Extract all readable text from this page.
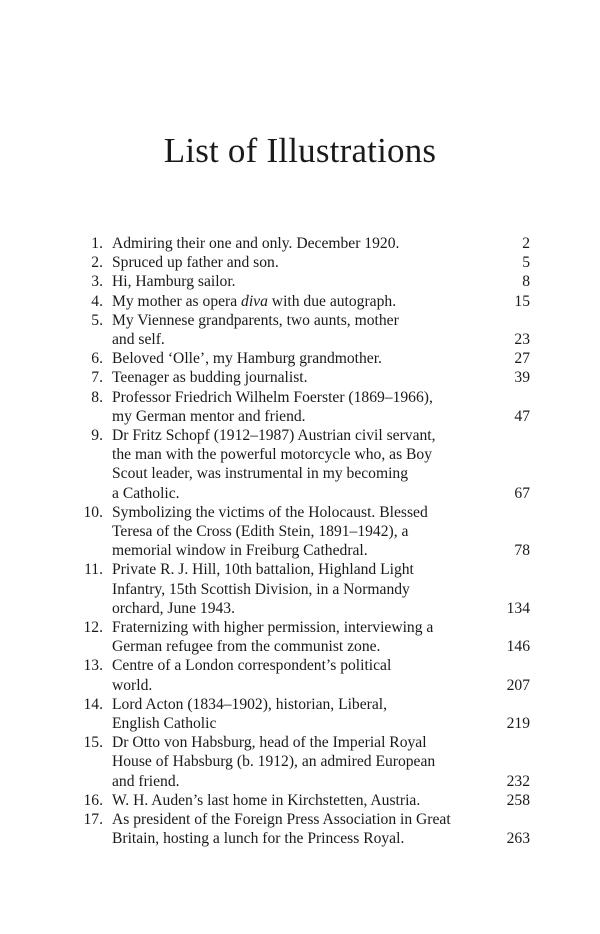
List of Illustrations
1. Admiring their one and only. December 1920.	2
2. Spruced up father and son.	5
3. Hi, Hamburg sailor.	8
4. My mother as opera diva with due autograph.	15
5. My Viennese grandparents, two aunts, mother
and self.	23
6. Beloved ‘Olle’, my Hamburg grandmother.	27
7. Teenager as budding journalist.	39
8. Professor Friedrich Wilhelm Foerster (1869–1966),
my German mentor and friend.	47
9. Dr Fritz Schopf (1912–1987) Austrian civil servant,
the man with the powerful motorcycle who, as Boy
Scout leader, was instrumental in my becoming
a Catholic.	67
10. Symbolizing the victims of the Holocaust. Blessed
Teresa of the Cross (Edith Stein, 1891–1942), a
memorial window in Freiburg Cathedral.	78
11. Private R. J. Hill, 10th battalion, Highland Light
Infantry, 15th Scottish Division, in a Normandy
orchard, June 1943.	134
12. Fraternizing with higher permission, interviewing a
German refugee from the communist zone.	146
13. Centre of a London correspondent’s political
world.	207
14. Lord Acton (1834–1902), historian, Liberal,
English Catholic	219
15. Dr Otto von Habsburg, head of the Imperial Royal
House of Habsburg (b. 1912), an admired European
and friend.	232
16. W. H. Auden’s last home in Kirchstetten, Austria.	258
17. As president of the Foreign Press Association in Great
Britain, hosting a lunch for the Princess Royal.	263
